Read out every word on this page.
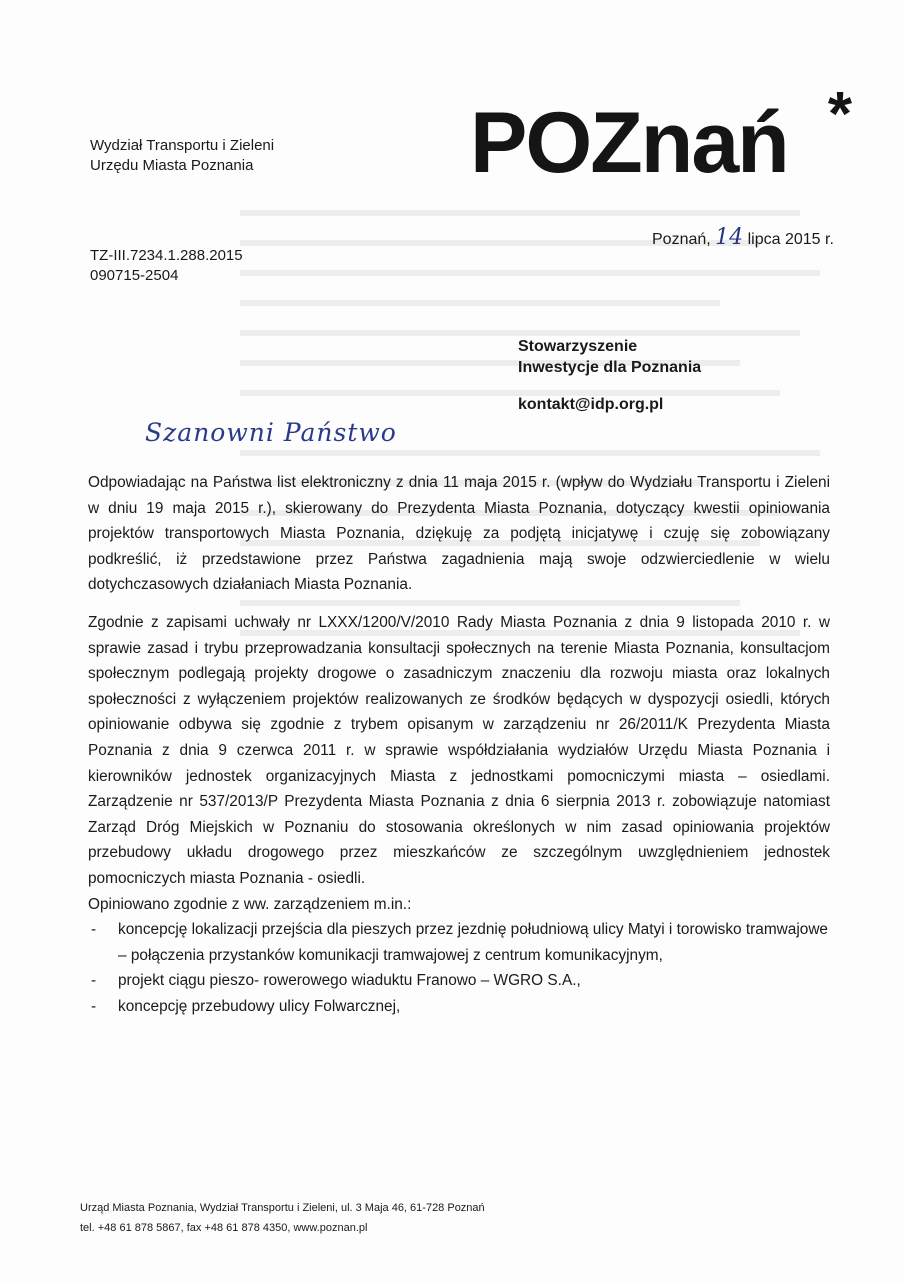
Wydział Transportu i Zieleni
Urzędu Miasta Poznania	POZnań *
Poznań, 14 lipca 2015 r.
TZ-III.7234.1.288.2015
090715-2504
Stowarzyszenie
Inwestycje dla Poznania
kontakt@idp.org.pl
Szanowni Państwo

Odpowiadając na Państwa list elektroniczny z dnia 11 maja 2015 r. (wpływ do Wydziału Transportu i Zieleni w dniu 19 maja 2015 r.), skierowany do Prezydenta Miasta Poznania, dotyczący kwestii opiniowania projektów transportowych Miasta Poznania, dziękuję za podjętą inicjatywę i czuję się zobowiązany podkreślić, iż przedstawione przez Państwa zagadnienia mają swoje odzwierciedlenie w wielu dotychczasowych działaniach Miasta Poznania.

Zgodnie z zapisami uchwały nr LXXX/1200/V/2010 Rady Miasta Poznania z dnia 9 listopada 2010 r. w sprawie zasad i trybu przeprowadzania konsultacji społecznych na terenie Miasta Poznania, konsultacjom społecznym podlegają projekty drogowe o zasadniczym znaczeniu dla rozwoju miasta oraz lokalnych społeczności z wyłączeniem projektów realizowanych ze środków będących w dyspozycji osiedli, których opiniowanie odbywa się zgodnie z trybem opisanym w zarządzeniu nr 26/2011/K Prezydenta Miasta Poznania z dnia 9 czerwca 2011 r. w sprawie współdziałania wydziałów Urzędu Miasta Poznania i kierowników jednostek organizacyjnych Miasta z jednostkami pomocniczymi miasta – osiedlami. Zarządzenie nr 537/2013/P Prezydenta Miasta Poznania z dnia 6 sierpnia 2013 r. zobowiązuje natomiast Zarząd Dróg Miejskich w Poznaniu do stosowania określonych w nim zasad opiniowania projektów przebudowy układu drogowego przez mieszkańców ze szczególnym uwzględnieniem jednostek pomocniczych miasta Poznania - osiedli.

Opiniowano zgodnie z ww. zarządzeniem m.in.:
- koncepcję lokalizacji przejścia dla pieszych przez jezdnię południową ulicy Matyi i torowisko tramwajowe – połączenia przystanków komunikacji tramwajowej z centrum komunikacyjnym,
- projekt ciągu pieszo- rowerowego wiaduktu Franowo – WGRO S.A.,
- koncepcję przebudowy ulicy Folwarcznej,
Urząd Miasta Poznania, Wydział Transportu i Zieleni, ul. 3 Maja 46, 61-728 Poznań
tel. +48 61 878 5867, fax +48 61 878 4350, www.poznan.pl
